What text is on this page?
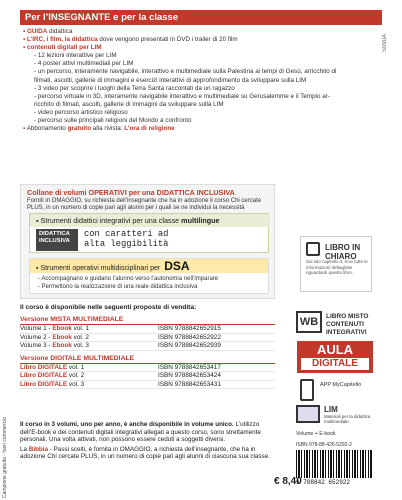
Per l’INSEGNANTE e per la classe
S090A
▪ GUIDA didattica
▪ L’IRC, i film, la didattica dove vengono presentati in DVD i trailer di 20 film
▪ contenuti digitali per LIM
- 12 lezioni interattive per LIM
- 4 poster attivi multimediali per LIM
- un percorso, interamente navigabile, interattivo e multimediale sulla Palestina ai tempi di Gesù, arricchito di
filmati, ascolti, gallerie di immagini e esercizi interattivi di approfondimento da sviluppare sulla LIM
- 3 video per scoprire i luoghi della Terra Santa raccontati da un ragazzo
- percorso virtuale in 3D, interamente navigabile interattivo e multimediale su Gerusalemme e il Tempio ar-
ricchito di filmati, ascolti, gallerie di immagini da sviluppare sulla LIM
- video percorso artistico religioso
- percorso sulle principali religioni del Mondo a confronto
▪ Abbonamento gratuito alla rivista: L’ora di religione
Collane di volumi OPERATIVI per una DIDATTICA INCLUSIVA
Forniti in OMAGGIO, su richiesta dell’insegnante che ha in adozione il corso Chi cercate PLUS, in un numero di copie pari agli alunni per i quali se ne individui la necessità
▪ Strumenti didattici integrativi per una classe multilingue
DIDATTICA INCLUSIVA
con caratteri ad
alta leggibilità
▪ Strumenti operativi multidisciplinari per DSA
- Accompagnano e guidano l’alunno verso l’autonomia nell’imparare
- Permettono la realizzazione di una reale didattica inclusiva
LIBRO IN CHIARO
Sul sito capitello.it, trovi tutte le informazioni dettagliate riguardanti questo libro.
Il corso è disponibile nelle seguenti proposte di vendita:
Versione MISTA MULTIMEDIALE
Volume 1 - Ebook vol. 1	ISBN 9788842652915
Volume 2 - Ebook vol. 2	ISBN 9788842652922
Volume 3 - Ebook vol. 3	ISBN 9788842652939
Versione DIGITALE MULTIMEDIALE
Libro DIGITALE vol. 1	ISBN 9788842653417
Libro DIGITALE vol. 2	ISBN 9788842653424
Libro DIGITALE vol. 3	ISBN 9788842653431
Il corso in 3 volumi, uno per anno, è anche disponibile in volume unico. L’utilizzo dell’E-book e dei contenuti digitali integrativi allegati a questo corso, sono strettamente personali. Una volta attivati, non possono essere ceduti a soggetti diversi.
La Bibbia - Passi scelti, è fornita in OMAGGIO, a richiesta dell’insegnante, che ha in adozione Chi cercate PLUS, in un numero di copie pari agli alunni di ciascuna sua classe.
WB	LIBRO MISTO CONTENUTI INTEGRATIVI
AULA
DIGITALE
APP MyCapitello
LIM
Materiali per la didattica multimediale
Volume + E-book
ISBN 978-88-426-5292-2
9 788842 652922
€ 8,40
Campione gratuito - fuori commercio
